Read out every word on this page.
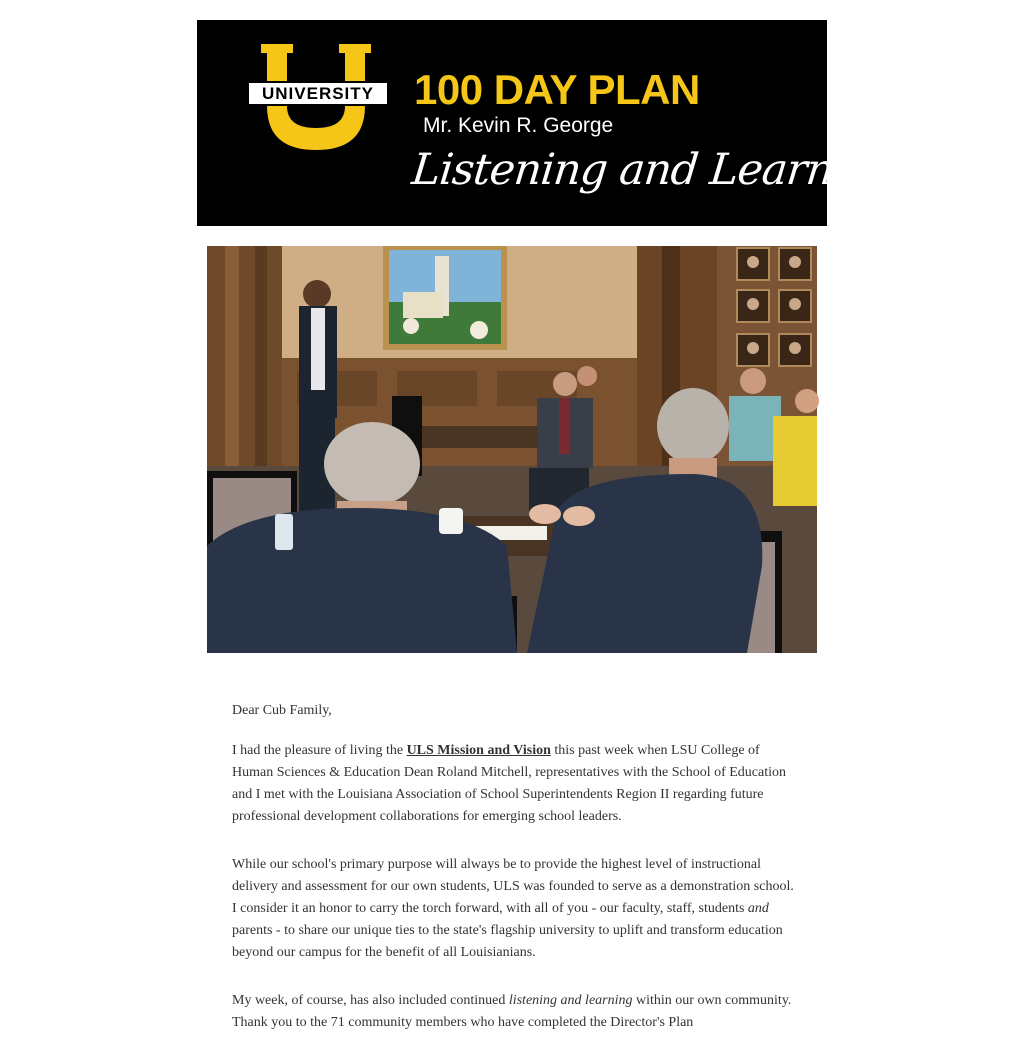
UNIVERSITY 100 DAY PLAN
Mr. Kevin R. George
Listening and Learning

Dear Cub Family,

I had the pleasure of living the ULS Mission and Vision this past week when LSU College of Human Sciences & Education Dean Roland Mitchell, representatives with the School of Education and I met with the Louisiana Association of School Superintendents Region II regarding future professional development collaborations for emerging school leaders.

While our school's primary purpose will always be to provide the highest level of instructional delivery and assessment for our own students, ULS was founded to serve as a demonstration school. I consider it an honor to carry the torch forward, with all of you - our faculty, staff, students and parents - to share our unique ties to the state's flagship university to uplift and transform education beyond our campus for the benefit of all Louisianians.

My week, of course, has also included continued listening and learning within our own community. Thank you to the 71 community members who have completed the Director's Plan
